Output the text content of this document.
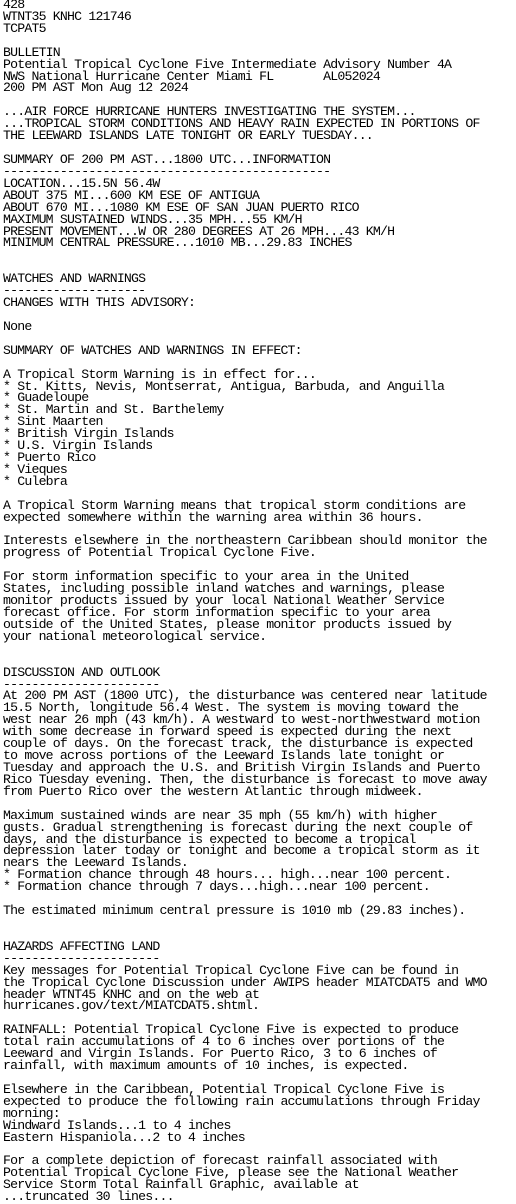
428
WTNT35 KNHC 121746
TCPAT5
BULLETIN
Potential Tropical Cyclone Five Intermediate Advisory Number 4A
NWS National Hurricane Center Miami FL       AL052024
200 PM AST Mon Aug 12 2024
...AIR FORCE HURRICANE HUNTERS INVESTIGATING THE SYSTEM...
...TROPICAL STORM CONDITIONS AND HEAVY RAIN EXPECTED IN PORTIONS OF
THE LEEWARD ISLANDS LATE TONIGHT OR EARLY TUESDAY...
SUMMARY OF 200 PM AST...1800 UTC...INFORMATION
----------------------------------------------
LOCATION...15.5N 56.4W
ABOUT 375 MI...600 KM ESE OF ANTIGUA
ABOUT 670 MI...1080 KM ESE OF SAN JUAN PUERTO RICO
MAXIMUM SUSTAINED WINDS...35 MPH...55 KM/H
PRESENT MOVEMENT...W OR 280 DEGREES AT 26 MPH...43 KM/H
MINIMUM CENTRAL PRESSURE...1010 MB...29.83 INCHES
WATCHES AND WARNINGS
--------------------
CHANGES WITH THIS ADVISORY:
None
SUMMARY OF WATCHES AND WARNINGS IN EFFECT:
A Tropical Storm Warning is in effect for...
* St. Kitts, Nevis, Montserrat, Antigua, Barbuda, and Anguilla
* Guadeloupe
* St. Martin and St. Barthelemy
* Sint Maarten
* British Virgin Islands
* U.S. Virgin Islands
* Puerto Rico
* Vieques
* Culebra
A Tropical Storm Warning means that tropical storm conditions are
expected somewhere within the warning area within 36 hours.
Interests elsewhere in the northeastern Caribbean should monitor the
progress of Potential Tropical Cyclone Five.
For storm information specific to your area in the United
States, including possible inland watches and warnings, please
monitor products issued by your local National Weather Service
forecast office. For storm information specific to your area
outside of the United States, please monitor products issued by
your national meteorological service.
DISCUSSION AND OUTLOOK
----------------------
At 200 PM AST (1800 UTC), the disturbance was centered near latitude
15.5 North, longitude 56.4 West. The system is moving toward the
west near 26 mph (43 km/h). A westward to west-northwestward motion
with some decrease in forward speed is expected during the next
couple of days. On the forecast track, the disturbance is expected
to move across portions of the Leeward Islands late tonight or
Tuesday and approach the U.S. and British Virgin Islands and Puerto
Rico Tuesday evening. Then, the disturbance is forecast to move away
from Puerto Rico over the western Atlantic through midweek.
Maximum sustained winds are near 35 mph (55 km/h) with higher
gusts. Gradual strengthening is forecast during the next couple of
days, and the disturbance is expected to become a tropical
depression later today or tonight and become a tropical storm as it
nears the Leeward Islands.
* Formation chance through 48 hours... high...near 100 percent.
* Formation chance through 7 days...high...near 100 percent.
The estimated minimum central pressure is 1010 mb (29.83 inches).
HAZARDS AFFECTING LAND
----------------------
Key messages for Potential Tropical Cyclone Five can be found in
the Tropical Cyclone Discussion under AWIPS header MIATCDAT5 and WMO
header WTNT45 KNHC and on the web at
hurricanes.gov/text/MIATCDAT5.shtml.
RAINFALL: Potential Tropical Cyclone Five is expected to produce
total rain accumulations of 4 to 6 inches over portions of the
Leeward and Virgin Islands. For Puerto Rico, 3 to 6 inches of
rainfall, with maximum amounts of 10 inches, is expected.
Elsewhere in the Caribbean, Potential Tropical Cyclone Five is
expected to produce the following rain accumulations through Friday
morning:
Windward Islands...1 to 4 inches
Eastern Hispaniola...2 to 4 inches
For a complete depiction of forecast rainfall associated with
Potential Tropical Cyclone Five, please see the National Weather
Service Storm Total Rainfall Graphic, available at
...truncated 30 lines...
